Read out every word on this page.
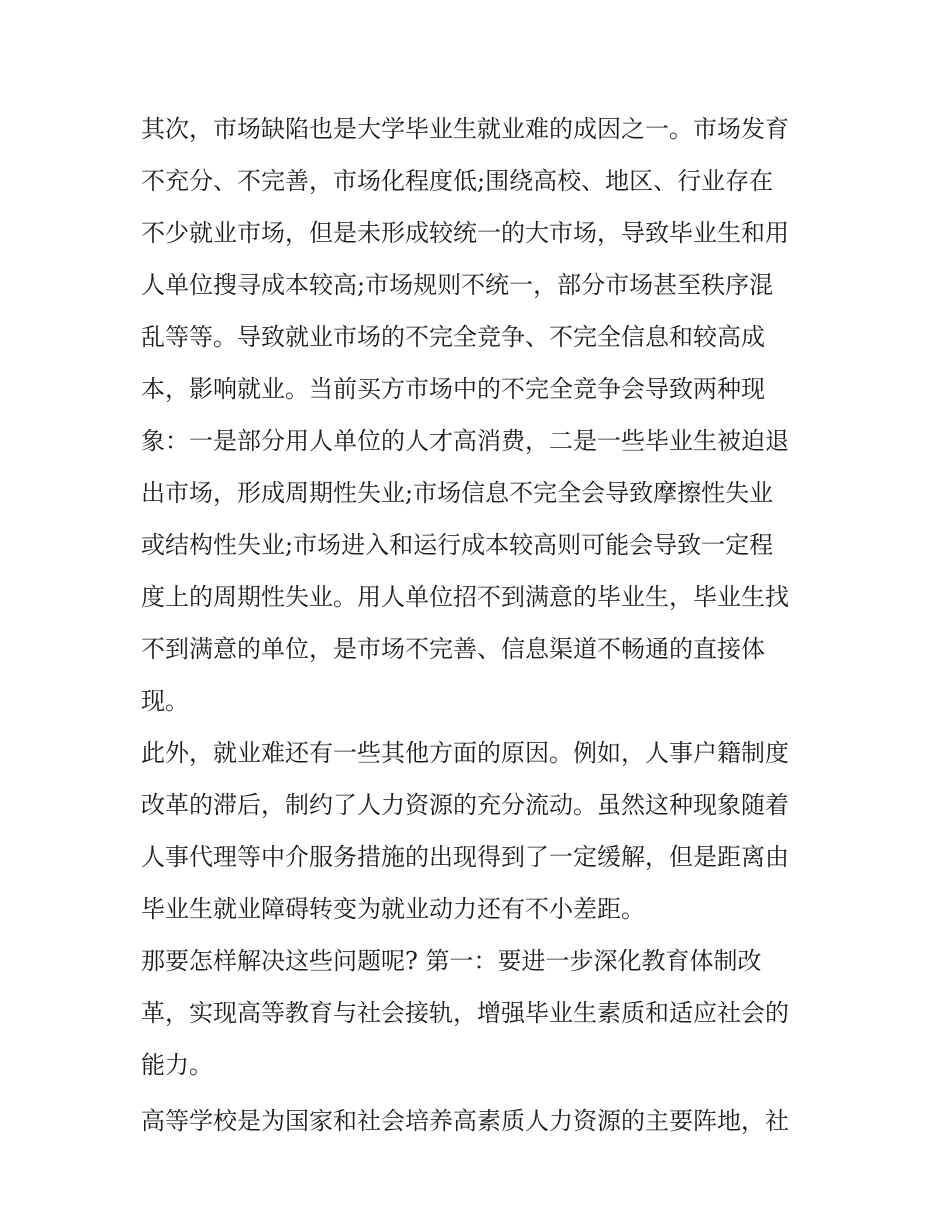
其次，市场缺陷也是大学毕业生就业难的成因之一。市场发育
不充分、不完善，市场化程度低;围绕高校、地区、行业存在
不少就业市场，但是未形成较统一的大市场，导致毕业生和用
人单位搜寻成本较高;市场规则不统一，部分市场甚至秩序混
乱等等。导致就业市场的不完全竞争、不完全信息和较高成
本，影响就业。当前买方市场中的不完全竞争会导致两种现
象：一是部分用人单位的人才高消费，二是一些毕业生被迫退
出市场，形成周期性失业;市场信息不完全会导致摩擦性失业
或结构性失业;市场进入和运行成本较高则可能会导致一定程
度上的周期性失业。用人单位招不到满意的毕业生，毕业生找
不到满意的单位，是市场不完善、信息渠道不畅通的直接体
现。
此外，就业难还有一些其他方面的原因。例如，人事户籍制度
改革的滞后，制约了人力资源的充分流动。虽然这种现象随着
人事代理等中介服务措施的出现得到了一定缓解，但是距离由
毕业生就业障碍转变为就业动力还有不小差距。
那要怎样解决这些问题呢? 第一：要进一步深化教育体制改
革，实现高等教育与社会接轨，增强毕业生素质和适应社会的
能力。
高等学校是为国家和社会培养高素质人力资源的主要阵地，社
